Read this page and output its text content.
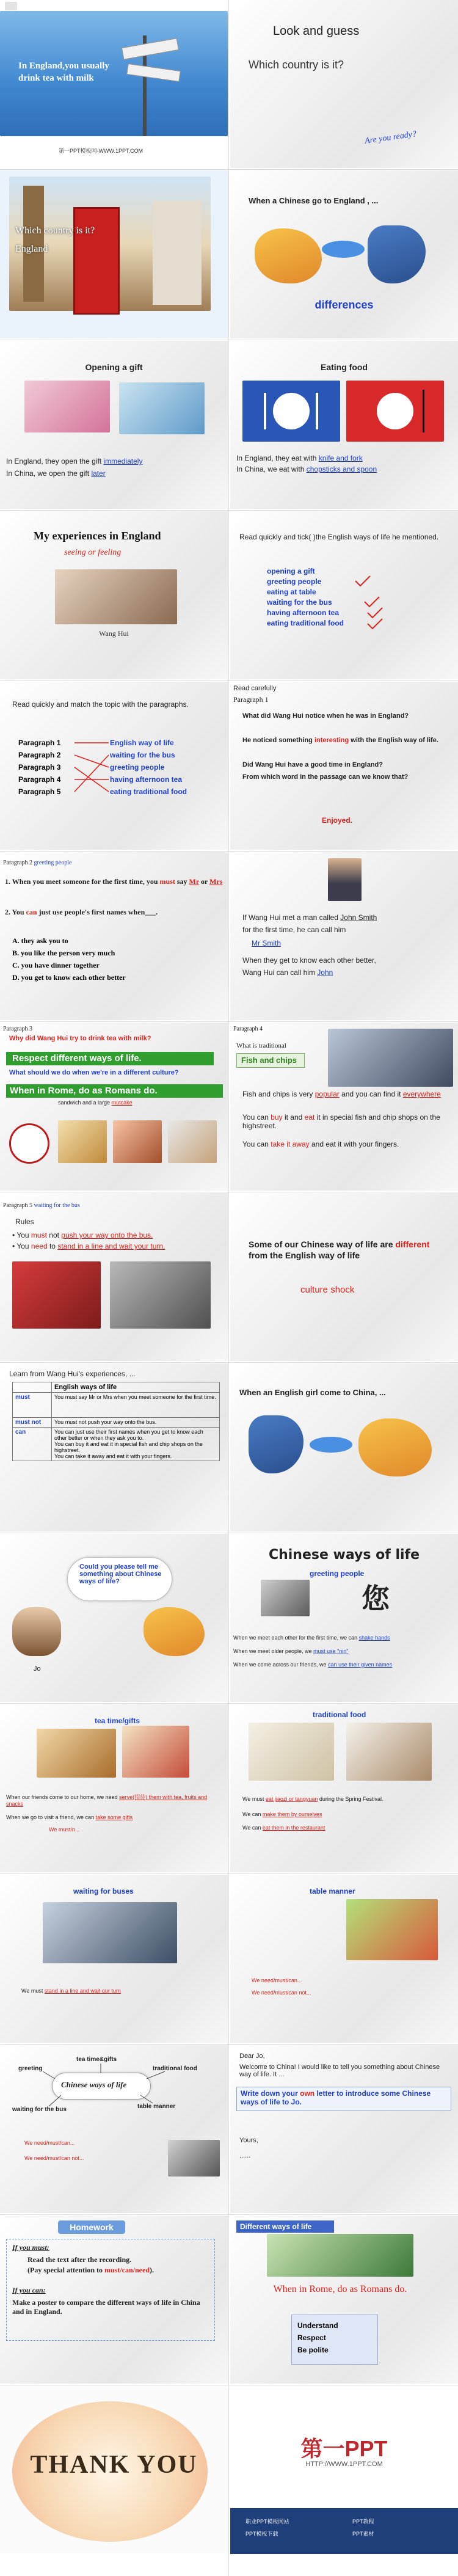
In England,you usually drink tea with milk
第一PPT模板网-WWW.1PPT.COM
Look and guess
Which country is it?
Are you ready?
Which country is it?
England
When a Chinese go to England , ...
differences
Opening a gift
In England, they open the gift immediately
In China, we open the gift later
Eating food
In England, they eat with knife and fork
In China, we eat with chopsticks and spoon
My experiences in England
seeing or feeling
Wang Hui
Read quickly and tick( )the English ways of life he mentioned.
opening a gift
greeting people
eating at table
waiting for the bus
having afternoon tea
eating traditional food
Read quickly and match the topic with the paragraphs.
Paragraph 1
Paragraph 2
Paragraph 3
Paragraph 4
Paragraph 5
English way of life
waiting for the bus
greeting people
having afternoon tea
eating traditional food
Read carefully
Paragraph 1
What did Wang Hui notice when he was in England?
He noticed something interesting with the English way of life.
Did Wang Hui have a good time in England?
From which word in the passage can we know that?
Enjoyed.
Paragraph 2 greeting people
1. When you meet someone for the first time, you must say Mr or Mrs
2. You can just use people's first names when___.
A. they ask you to
B. you like the person very much
C. you have dinner together
D. you get to know each other better
If Wang Hui met a man called John Smith
for the first time, he can call him
Mr Smith
When they get to know each other better,
Wang Hui can call him John
Paragraph 3
Why did Wang Hui try to drink tea with milk?
Respect different ways of life.
What should we do when we're in a different culture?
When in Rome, do as Romans do.
sandwich and a large mutcake
Paragraph 4
What is traditional
Fish and chips
Fish and chips is very popular and you can find it everywhere
You can buy it and eat it in special fish and chip shops on the highstreet.
You can take it away and eat it with your fingers.
Paragraph 5 waiting for the bus
Rules
• You must not push your way onto the bus.
• You need to stand in a line and wait your turn.	Some of our Chinese way of life are different from the English way of life
culture shock
Learn from Wang Hui's experiences, ...
	English ways of life
must	You must say Mr or Mrs when you meet someone for the first time.
must not	You must not push your way onto the bus.
can	You can just use their first names when you get to know each other better or when they ask you to.
You can buy it and eat it in special fish and chip shops on the highstreet.
You can take it away and eat it with your fingers.
When an English girl come to China, ...
Could you please tell me something about Chinese ways of life?
Jo
Chinese ways of life
greeting people
您
When we meet each other for the first time, we can shake hands
When we meet older people, we must use "nin"
When we come across our friends, we can use their given names
tea time/gifts
When our friends come to our home, we need serve(招待) them with tea, fruits and snacks
When we go to visit a friend, we can take some gifts
We must/n...
traditional food
We must eat jiaozi or tangyuan during the Spring Festival.
We can make them by ourselves
We can eat them in the restaurant
waiting for buses
We must stand in a line and wait our turn
table manner
We need/must/can...
We need/must/can not...
tea time&gifts
greeting	traditional food
Chinese ways of life
waiting for the bus	table manner
We need/must/can...
We need/must/can not...
Dear Jo,
Welcome to China! I would like to tell you something about Chinese way of life. It ...
Write down your own letter to introduce some Chinese ways of life to Jo.
Yours,
......
Homework
If you must:
Read the text after the recording.
(Pay special attention to must/can/need).
If you can:
Make a poster to compare the different ways of life in China and in England.
Different ways of life
When in Rome, do as Romans do.
Understand
Respect
Be polite
THANK YOU
第一PPT
HTTP://WWW.1PPT.COM
职业PPT模板网站
PPT模板下载
PPT教程
PPT素材
